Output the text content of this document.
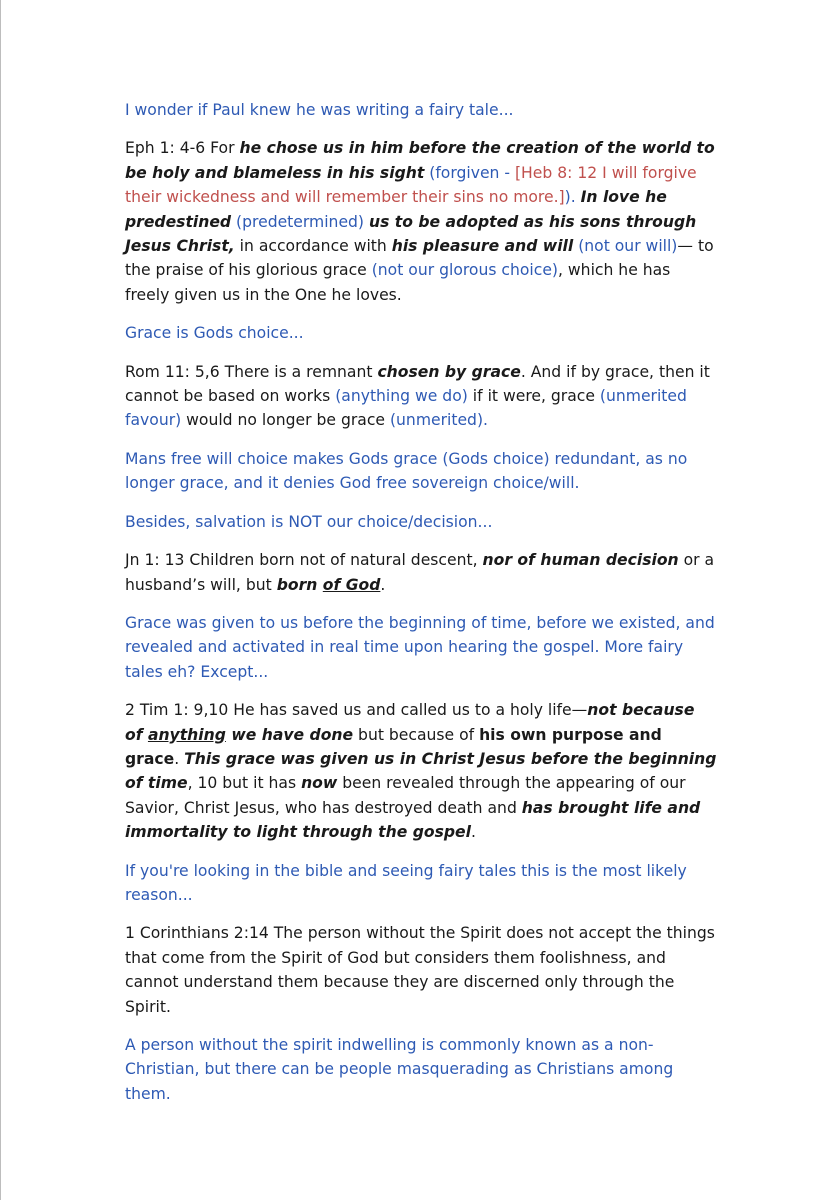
I wonder if Paul knew he was writing a fairy tale...

Eph 1: 4-6 For he chose us in him before the creation of the world to be holy and blameless in his sight (forgiven - [Heb 8: 12 I will forgive their wickedness and will remember their sins no more.]). In love he predestined (predetermined) us to be adopted as his sons through Jesus Christ, in accordance with his pleasure and will (not our will)— to the praise of his glorious grace (not our glorous choice), which he has freely given us in the One he loves.

Grace is Gods choice...

Rom 11: 5,6 There is a remnant chosen by grace. And if by grace, then it cannot be based on works (anything we do) if it were, grace (unmerited favour) would no longer be grace (unmerited).

Mans free will choice makes Gods grace (Gods choice) redundant, as no longer grace, and it denies God free sovereign choice/will.

Besides, salvation is NOT our choice/decision...

Jn 1: 13 Children born not of natural descent, nor of human decision or a husband’s will, but born of God.

Grace was given to us before the beginning of time, before we existed, and revealed and activated in real time upon hearing the gospel. More fairy tales eh? Except...

2 Tim 1: 9,10 He has saved us and called us to a holy life—not because of anything we have done but because of his own purpose and grace. This grace was given us in Christ Jesus before the beginning of time, 10 but it has now been revealed through the appearing of our Savior, Christ Jesus, who has destroyed death and has brought life and immortality to light through the gospel.

If you're looking in the bible and seeing fairy tales this is the most likely reason...

1 Corinthians 2:14 The person without the Spirit does not accept the things that come from the Spirit of God but considers them foolishness, and cannot understand them because they are discerned only through the Spirit.

A person without the spirit indwelling is commonly known as a non-Christian, but there can be people masquerading as Christians among them.
